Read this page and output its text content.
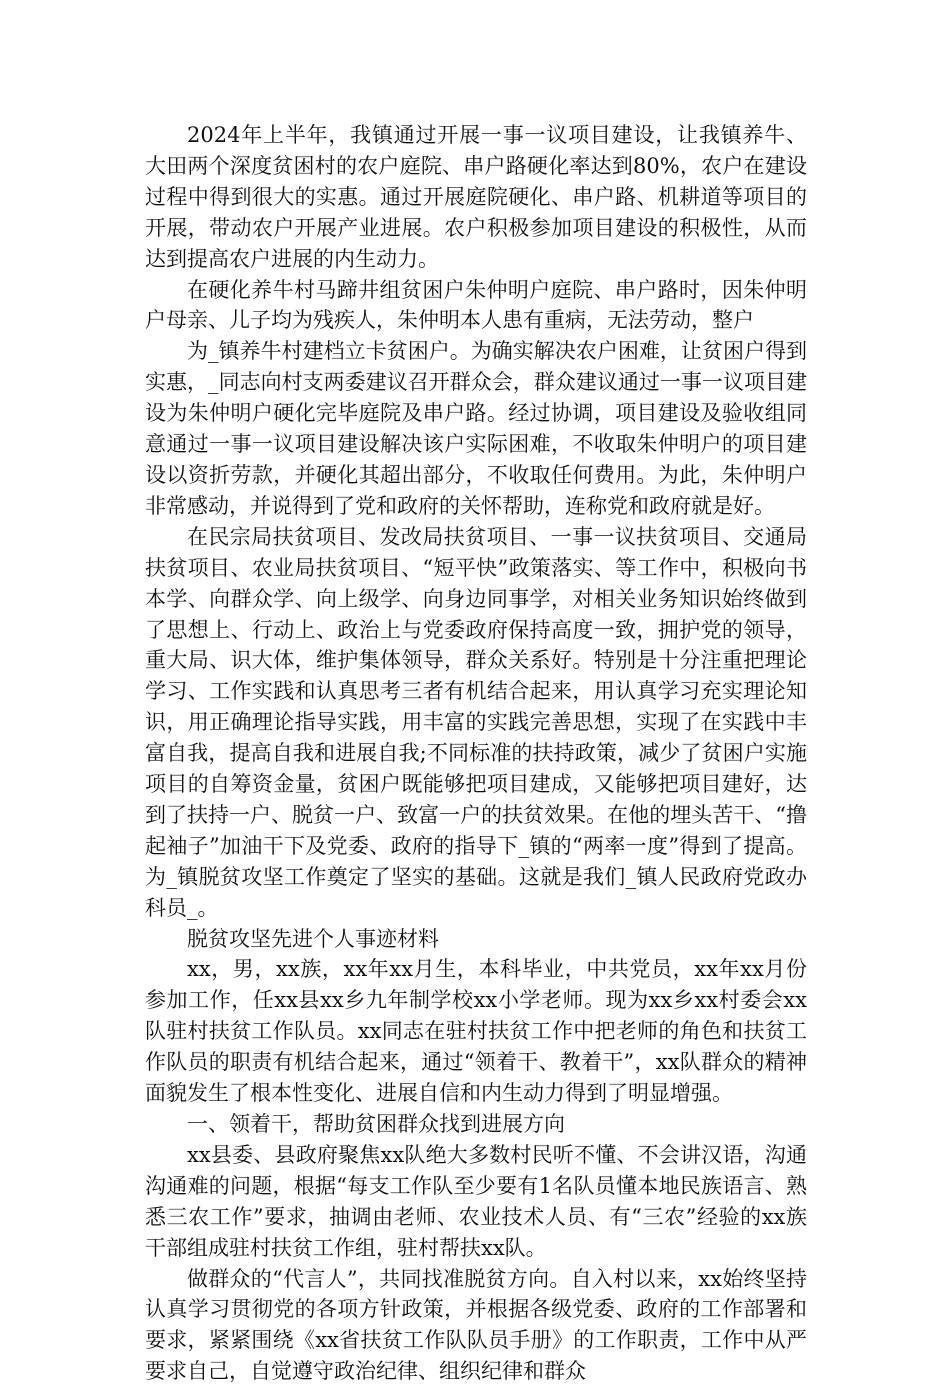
2024年上半年，我镇通过开展一事一议项目建设，让我镇养牛、大田两个深度贫困村的农户庭院、串户路硬化率达到80%，农户在建设过程中得到很大的实惠。通过开展庭院硬化、串户路、机耕道等项目的开展，带动农户开展产业进展。农户积极参加项目建设的积极性，从而达到提高农户进展的内生动力。

在硬化养牛村马蹄井组贫困户朱仲明户庭院、串户路时，因朱仲明户母亲、儿子均为残疾人，朱仲明本人患有重病，无法劳动，整户

为_镇养牛村建档立卡贫困户。为确实解决农户困难，让贫困户得到实惠，_同志向村支两委建议召开群众会，群众建议通过一事一议项目建设为朱仲明户硬化完毕庭院及串户路。经过协调，项目建设及验收组同意通过一事一议项目建设解决该户实际困难，不收取朱仲明户的项目建设以资折劳款，并硬化其超出部分，不收取任何费用。为此，朱仲明户非常感动，并说得到了党和政府的关怀帮助，连称党和政府就是好。

在民宗局扶贫项目、发改局扶贫项目、一事一议扶贫项目、交通局扶贫项目、农业局扶贫项目、“短平快”政策落实、等工作中，积极向书本学、向群众学、向上级学、向身边同事学，对相关业务知识始终做到了思想上、行动上、政治上与党委政府保持高度一致，拥护党的领导，重大局、识大体，维护集体领导，群众关系好。特别是十分注重把理论学习、工作实践和认真思考三者有机结合起来，用认真学习充实理论知识，用正确理论指导实践，用丰富的实践完善思想，实现了在实践中丰富自我，提高自我和进展自我;不同标准的扶持政策，减少了贫困户实施项目的自筹资金量，贫困户既能够把项目建成，又能够把项目建好，达到了扶持一户、脱贫一户、致富一户的扶贫效果。在他的埋头苦干、“撸起袖子”加油干下及党委、政府的指导下_镇的“两率一度”得到了提高。为_镇脱贫攻坚工作奠定了坚实的基础。这就是我们_镇人民政府党政办科员_。

脱贫攻坚先进个人事迹材料

xx，男，xx族，xx年xx月生，本科毕业，中共党员，xx年xx月份参加工作，任xx县xx乡九年制学校xx小学老师。现为xx乡xx村委会xx队驻村扶贫工作队员。xx同志在驻村扶贫工作中把老师的角色和扶贫工作队员的职责有机结合起来，通过“领着干、教着干”，xx队群众的精神面貌发生了根本性变化、进展自信和内生动力得到了明显增强。

一、领着干，帮助贫困群众找到进展方向

xx县委、县政府聚焦xx队绝大多数村民听不懂、不会讲汉语，沟通沟通难的问题，根据“每支工作队至少要有1名队员懂本地民族语言、熟悉三农工作”要求，抽调由老师、农业技术人员、有“三农”经验的xx族干部组成驻村扶贫工作组，驻村帮扶xx队。

做群众的“代言人”，共同找准脱贫方向。自入村以来，xx始终坚持认真学习贯彻党的各项方针政策，并根据各级党委、政府的工作部署和要求，紧紧围绕《xx省扶贫工作队队员手册》的工作职责，工作中从严要求自己，自觉遵守政治纪律、组织纪律和群众
